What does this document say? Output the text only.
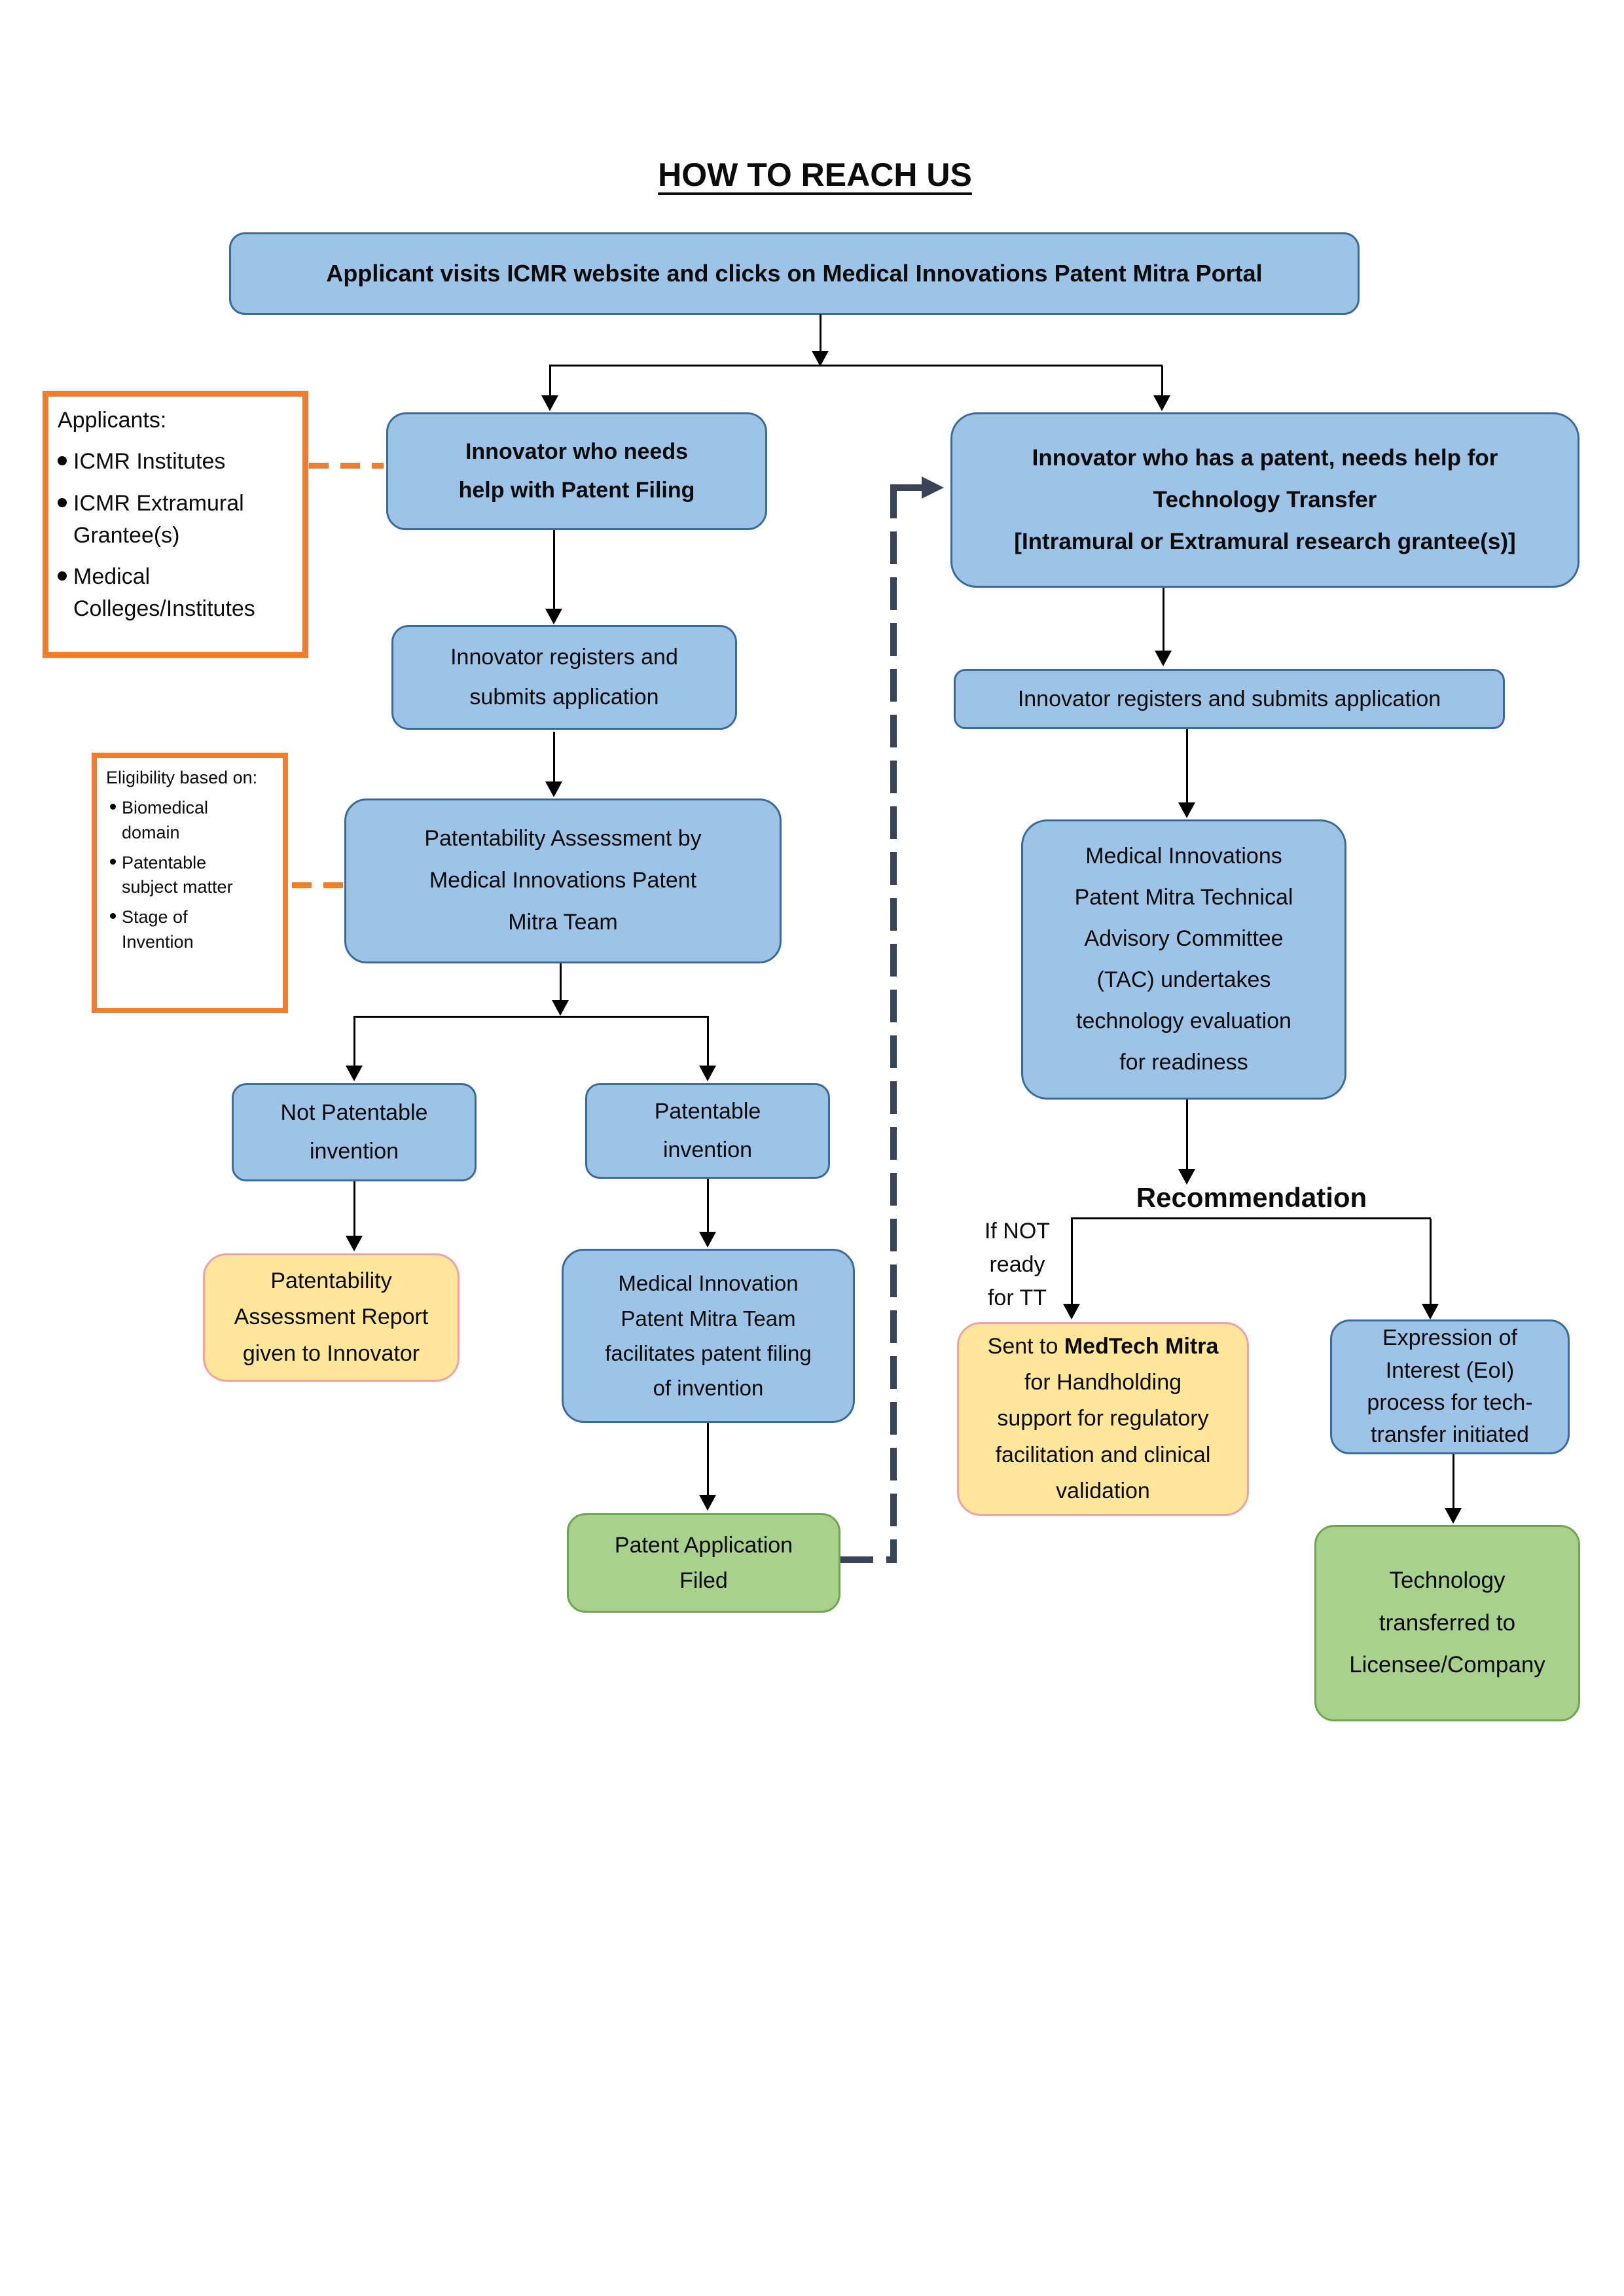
HOW TO REACH US
Applicant visits ICMR website and clicks on Medical Innovations Patent Mitra Portal
Applicants:
ICMR Institutes
ICMR Extramural Grantee(s)
Medical Colleges/Institutes
Innovator who needs
help with Patent Filing
Innovator registers and
submits application
Patentability Assessment by
Medical Innovations Patent
Mitra Team
Eligibility based on:
Biomedical domain
Patentable subject matter
Stage of Invention
Not Patentable
invention
Patentable
invention
Patentability
Assessment Report
given to Innovator
Medical Innovation
Patent Mitra Team
facilitates patent filing
of invention
Patent Application
Filed
Innovator who has a patent, needs help for
Technology Transfer
[Intramural or Extramural research grantee(s)]
Innovator registers and submits application
Medical Innovations
Patent Mitra Technical
Advisory Committee
(TAC) undertakes
technology evaluation
for readiness
Recommendation
If NOT
ready
for TT
Sent to MedTech Mitra
for Handholding
support for regulatory
facilitation and clinical
validation
Expression of
Interest (EoI)
process for tech-
transfer initiated
Technology
transferred to
Licensee/Company
